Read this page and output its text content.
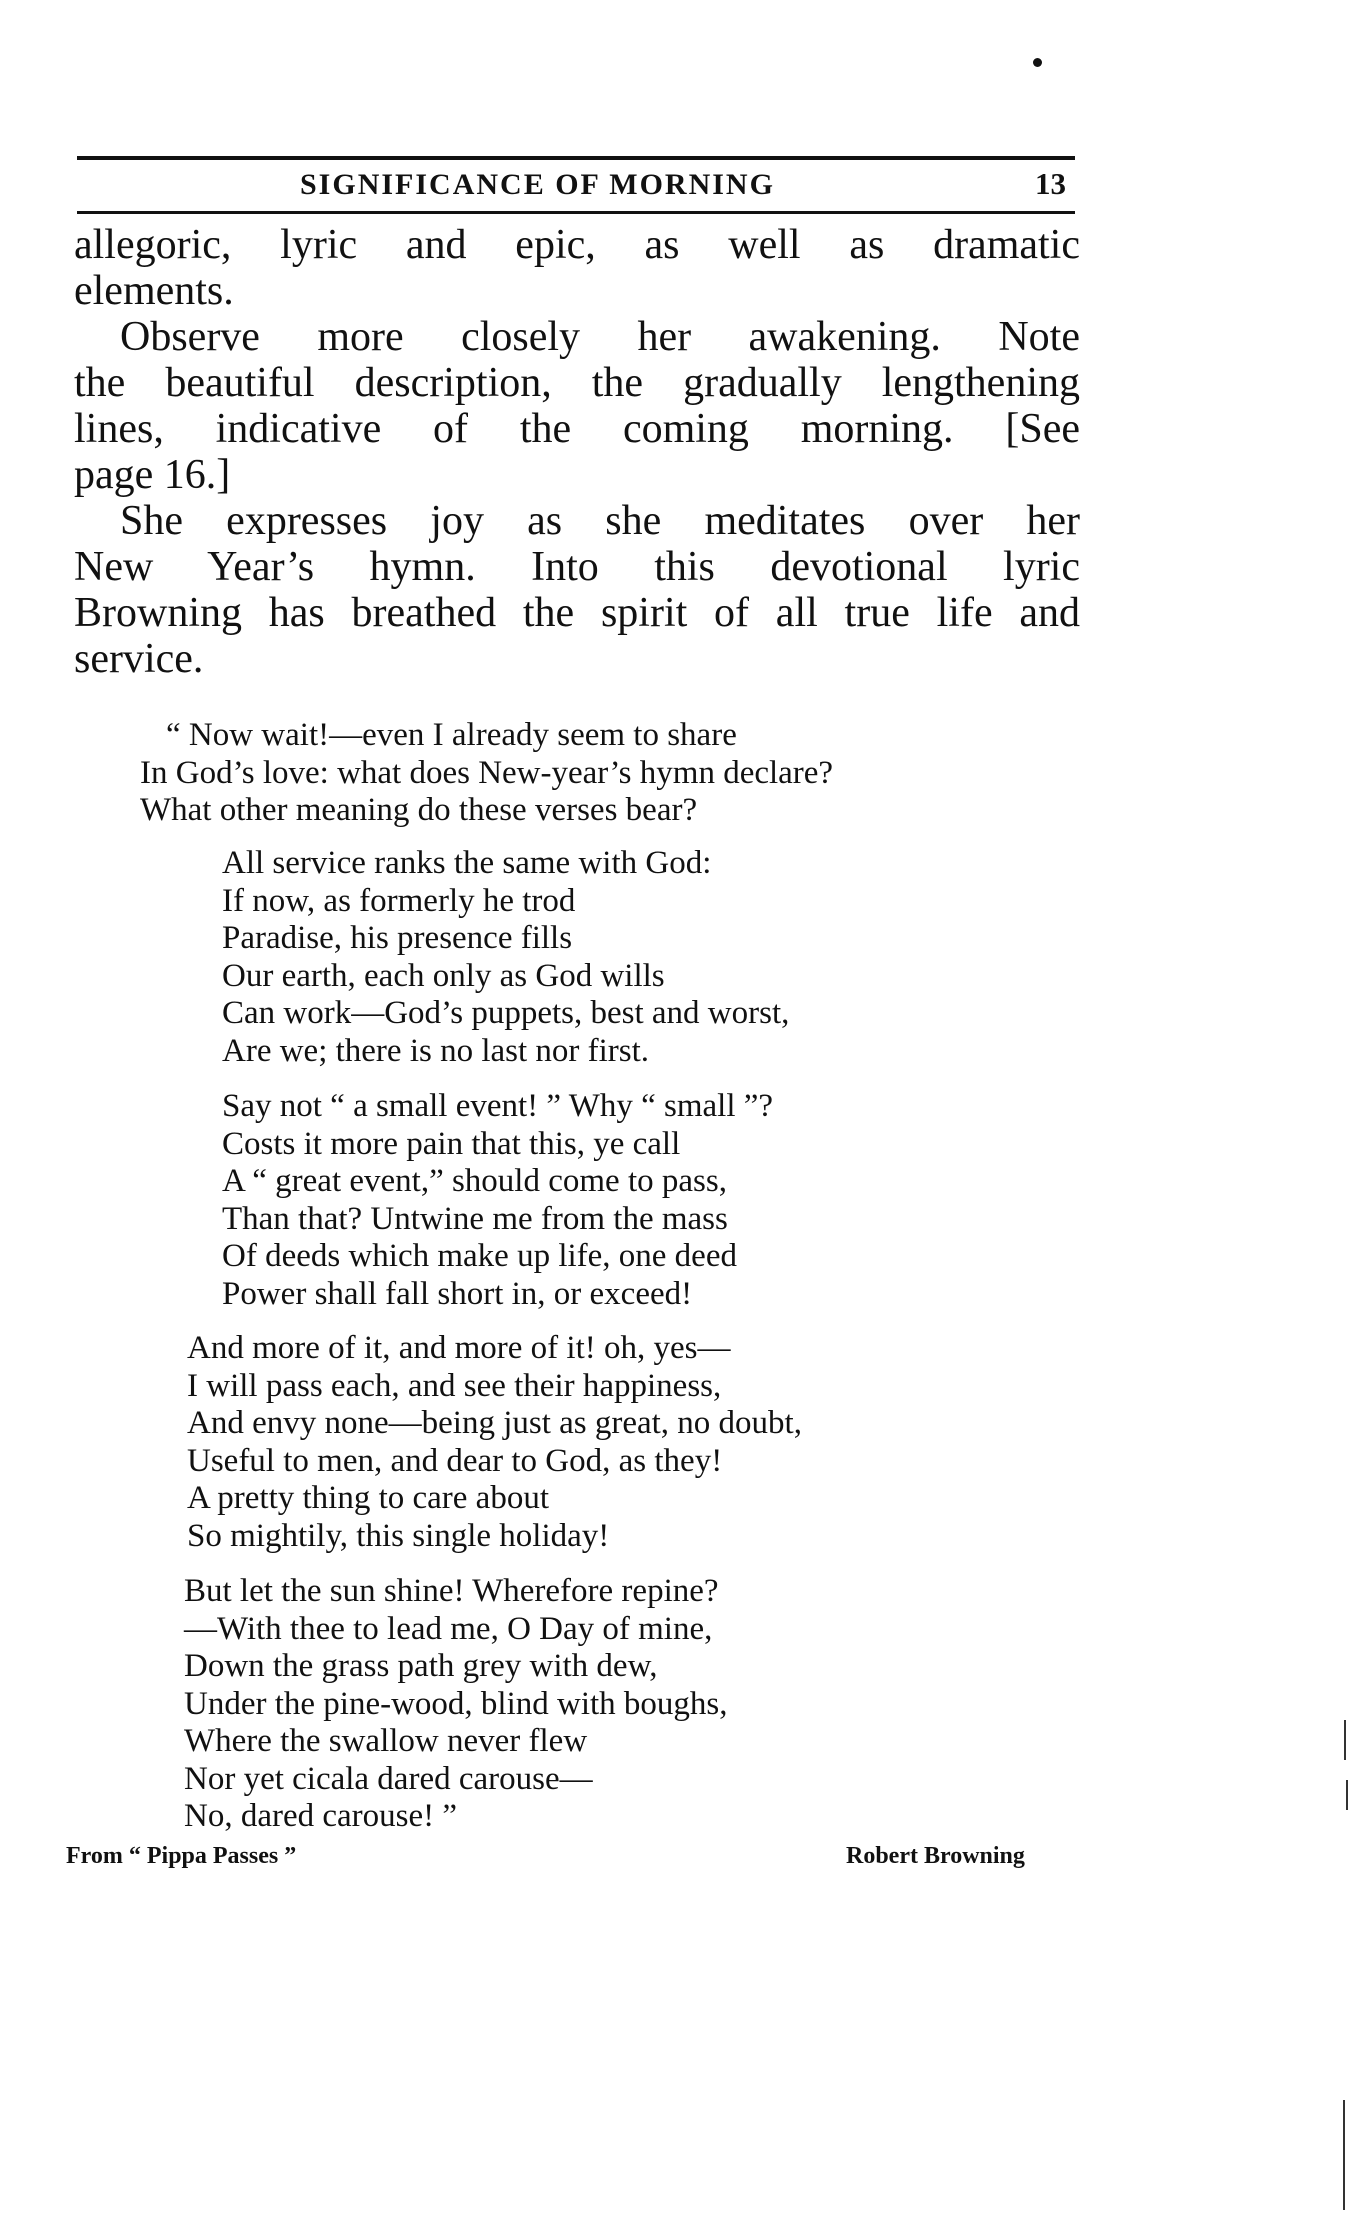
SIGNIFICANCE OF MORNING	13
allegoric, lyric and epic, as well as dramatic
elements.
Observe more closely her awakening. Note
the beautiful description, the gradually lengthening
lines, indicative of the coming morning. [See
page 16.]
She expresses joy as she meditates over her
New Year’s hymn. Into this devotional lyric
Browning has breathed the spirit of all true life and
service.
“ Now wait!—even I already seem to share
In God’s love: what does New-year’s hymn declare?
What other meaning do these verses bear?
All service ranks the same with God:
If now, as formerly he trod
Paradise, his presence fills
Our earth, each only as God wills
Can work—God’s puppets, best and worst,
Are we; there is no last nor first.
Say not “ a small event! ” Why “ small ”?
Costs it more pain that this, ye call
A “ great event,” should come to pass,
Than that? Untwine me from the mass
Of deeds which make up life, one deed
Power shall fall short in, or exceed!
And more of it, and more of it! oh, yes—
I will pass each, and see their happiness,
And envy none—being just as great, no doubt,
Useful to men, and dear to God, as they!
A pretty thing to care about
So mightily, this single holiday!
But let the sun shine! Wherefore repine?
—With thee to lead me, O Day of mine,
Down the grass path grey with dew,
Under the pine-wood, blind with boughs,
Where the swallow never flew
Nor yet cicala dared carouse—
No, dared carouse! ”
From “ Pippa Passes ”	Robert Browning
